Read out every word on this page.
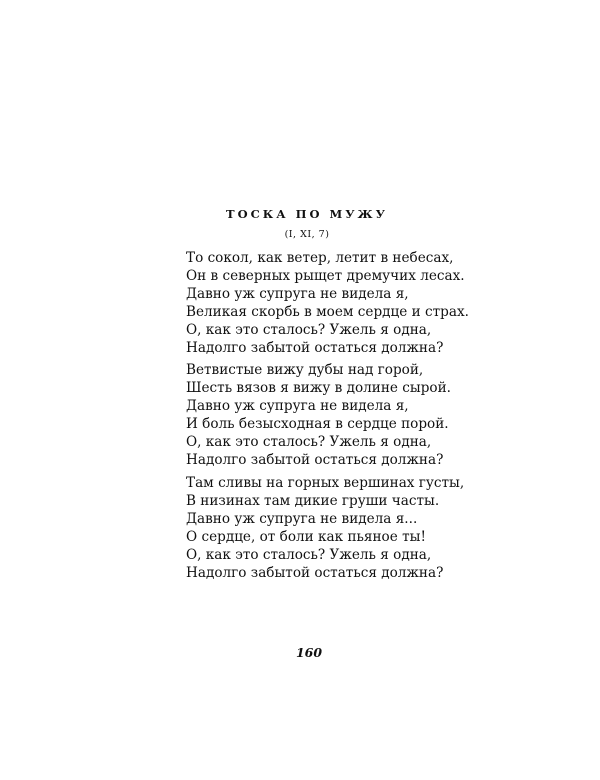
ТОСКА ПО МУЖУ
(I, XI, 7)
То сокол, как ветер, летит в небесах,
Он в северных рыщет дремучих лесах.
Давно уж супруга не видела я,
Великая скорбь в моем сердце и страх.
О, как это сталось? Ужель я одна,
Надолго забытой остаться должна?
Ветвистые вижу дубы над горой,
Шесть вязов я вижу в долине сырой.
Давно уж супруга не видела я,
И боль безысходная в сердце порой.
О, как это сталось? Ужель я одна,
Надолго забытой остаться должна?
Там сливы на горных вершинах густы,
В низинах там дикие груши часты.
Давно уж супруга не видела я...
О сердце, от боли как пьяное ты!
О, как это сталось? Ужель я одна,
Надолго забытой остаться должна?
160
